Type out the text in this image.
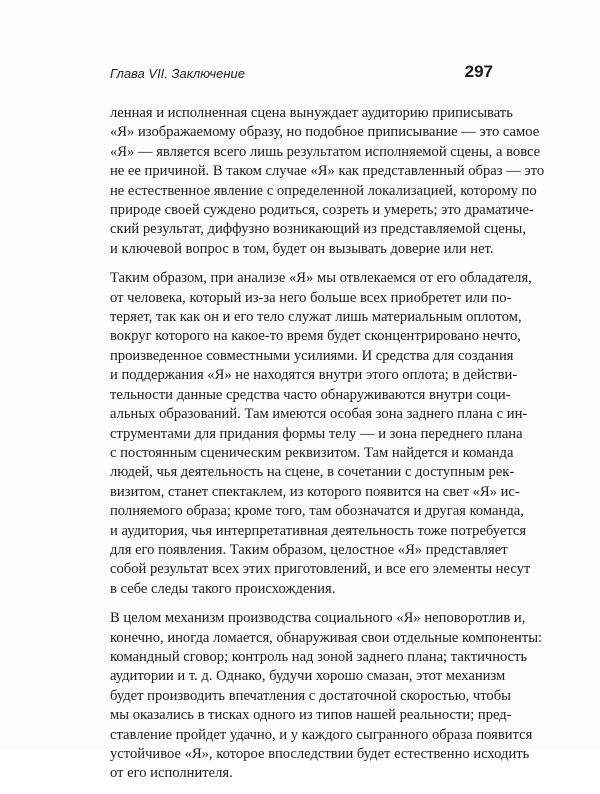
Глава VII. Заключение	297
ленная и исполненная сцена вынуждает аудиторию приписывать
«Я» изображаемому образу, но подобное приписывание — это самое
«Я» — является всего лишь результатом исполняемой сцены, а вовсе
не ее причиной. В таком случае «Я» как представленный образ — это
не естественное явление с определенной локализацией, которому по
природе своей суждено родиться, созреть и умереть; это драматиче-
ский результат, диффузно возникающий из представляемой сцены,
и ключевой вопрос в том, будет он вызывать доверие или нет.
Таким образом, при анализе «Я» мы отвлекаемся от его обладателя,
от человека, который из-за него больше всех приобретет или по-
теряет, так как он и его тело служат лишь материальным оплотом,
вокруг которого на какое-то время будет сконцентрировано нечто,
произведенное совместными усилиями. И средства для создания
и поддержания «Я» не находятся внутри этого оплота; в действи-
тельности данные средства часто обнаруживаются внутри соци-
альных образований. Там имеются особая зона заднего плана с ин-
струментами для придания формы телу — и зона переднего плана
с постоянным сценическим реквизитом. Там найдется и команда
людей, чья деятельность на сцене, в сочетании с доступным рек-
визитом, станет спектаклем, из которого появится на свет «Я» ис-
полняемого образа; кроме того, там обозначатся и другая команда,
и аудитория, чья интерпретативная деятельность тоже потребуется
для его появления. Таким образом, целостное «Я» представляет
собой результат всех этих приготовлений, и все его элементы несут
в себе следы такого происхождения.
В целом механизм производства социального «Я» неповоротлив и,
конечно, иногда ломается, обнаруживая свои отдельные компоненты:
командный сговор; контроль над зоной заднего плана; тактичность
аудитории и т. д. Однако, будучи хорошо смазан, этот механизм
будет производить впечатления с достаточной скоростью, чтобы
мы оказались в тисках одного из типов нашей реальности; пред-
ставление пройдет удачно, и у каждого сыгранного образа появится
устойчивое «Я», которое впоследствии будет естественно исходить
от его исполнителя.
